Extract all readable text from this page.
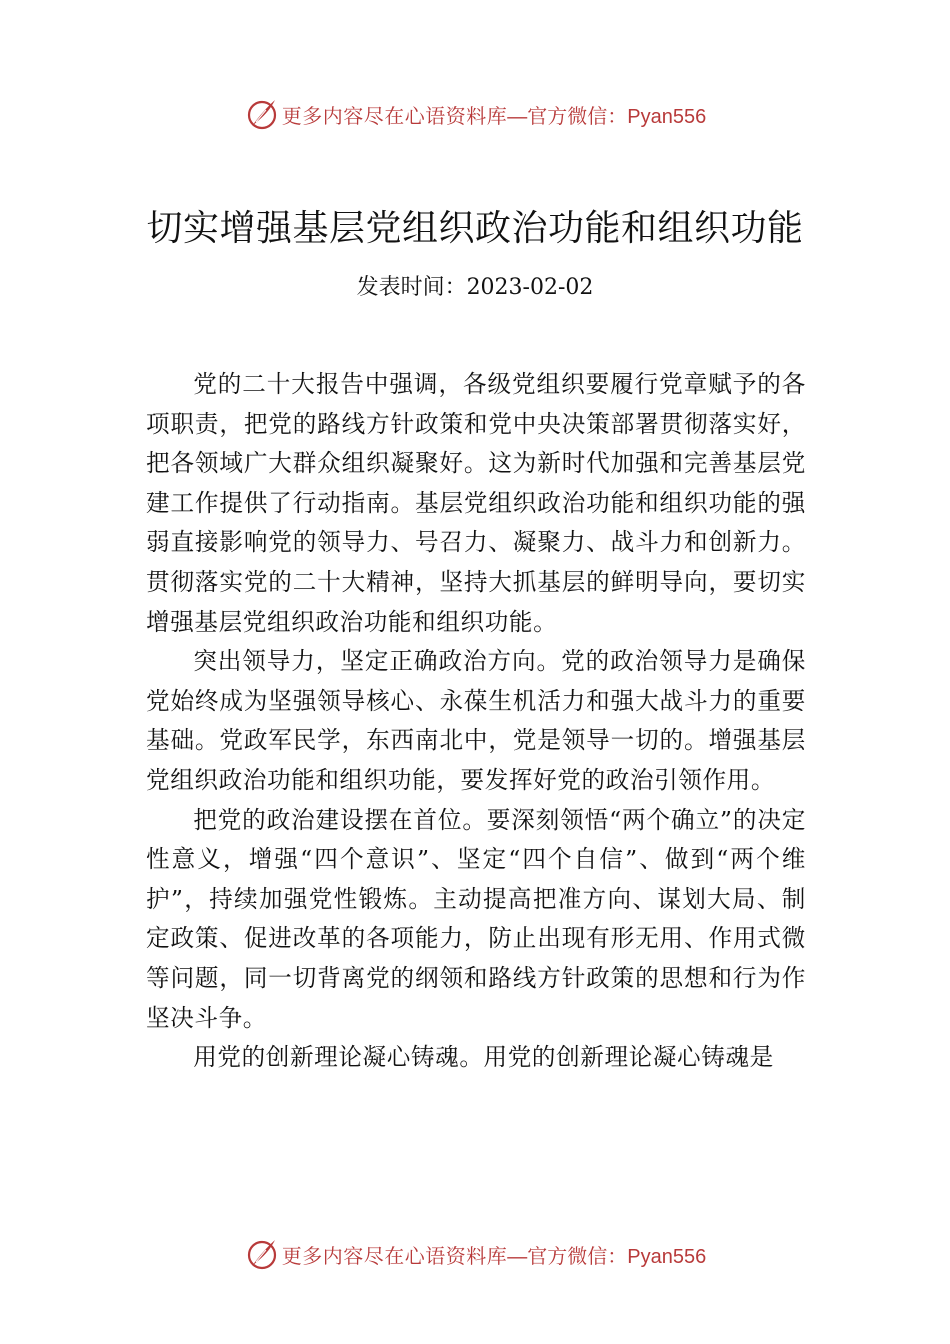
更多内容尽在心语资料库 —官方微信：Pyan556
切实增强基层党组织政治功能和组织功能
发表时间：2023-02-02

党的二十大报告中强调，各级党组织要履行党章赋予的各项职责，把党的路线方针政策和党中央决策部署贯彻落实好，把各领域广大群众组织凝聚好。这为新时代加强和完善基层党建工作提供了行动指南。基层党组织政治功能和组织功能的强弱直接影响党的领导力、号召力、凝聚力、战斗力和创新力。贯彻落实党的二十大精神，坚持大抓基层的鲜明导向，要切实增强基层党组织政治功能和组织功能。

突出领导力，坚定正确政治方向。党的政治领导力是确保党始终成为坚强领导核心、永葆生机活力和强大战斗力的重要基础。党政军民学，东西南北中，党是领导一切的。增强基层党组织政治功能和组织功能，要发挥好党的政治引领作用。

把党的政治建设摆在首位。要深刻领悟“两个确立”的决定性意义，增强“四个意识”、坚定“四个自信”、做到“两个维护”，持续加强党性锻炼。主动提高把准方向、谋划大局、制定政策、促进改革的各项能力，防止出现有形无用、作用式微等问题，同一切背离党的纲领和路线方针政策的思想和行为作坚决斗争。

用党的创新理论凝心铸魂。用党的创新理论凝心铸魂是

更多内容尽在心语资料库 —官方微信：Pyan556
